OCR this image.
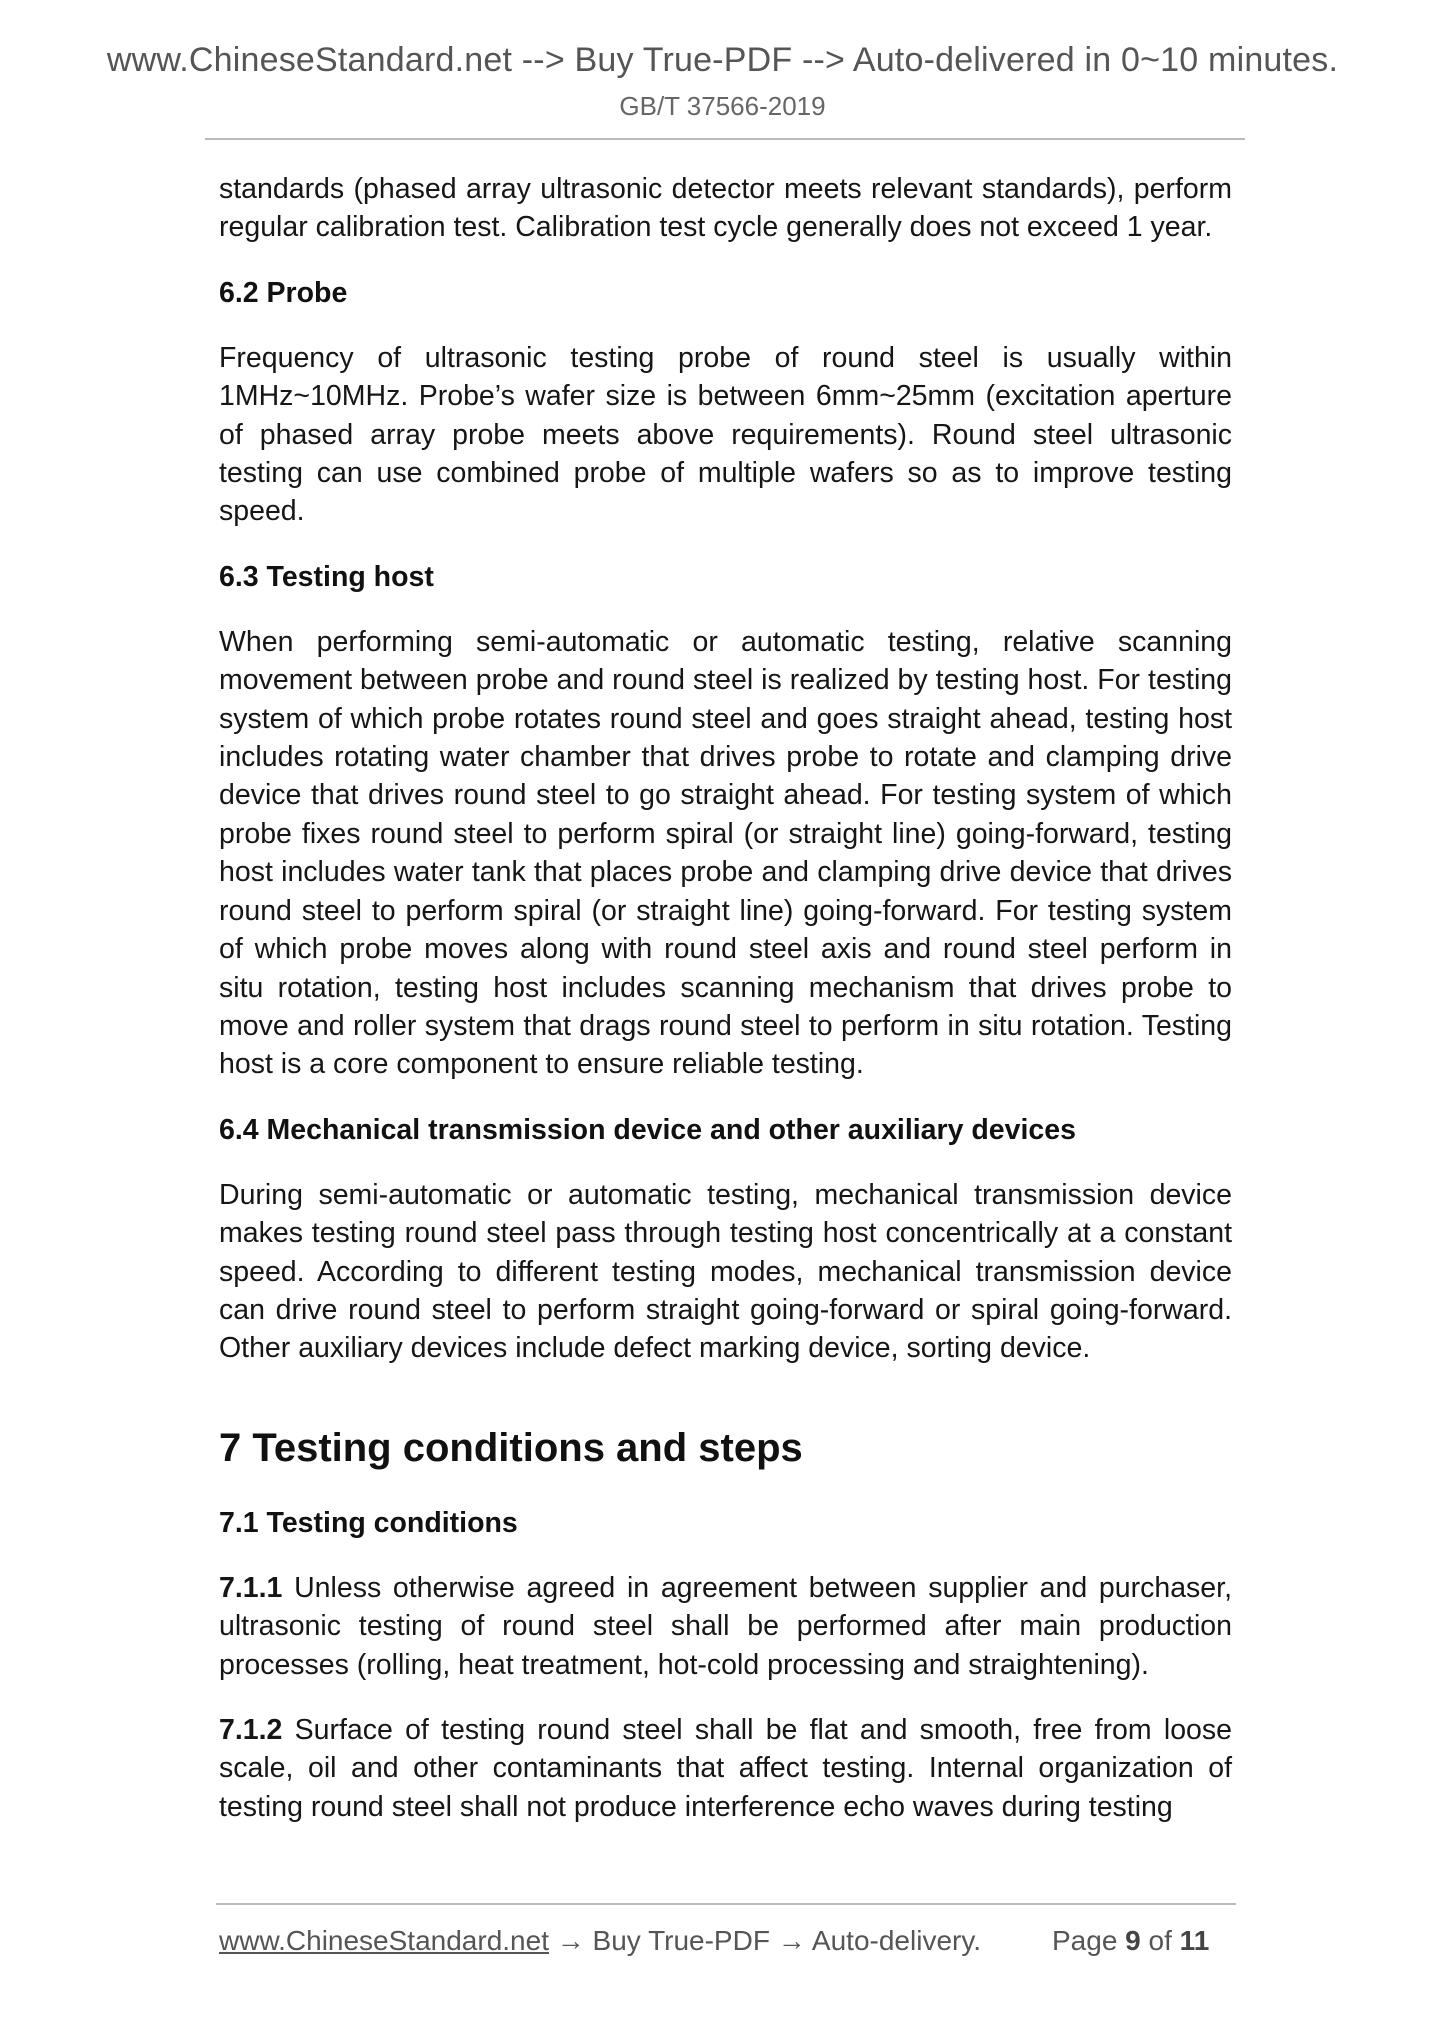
www.ChineseStandard.net --> Buy True-PDF --> Auto-delivered in 0~10 minutes.
GB/T 37566-2019

standards (phased array ultrasonic detector meets relevant standards), perform regular calibration test. Calibration test cycle generally does not exceed 1 year.

6.2 Probe

Frequency of ultrasonic testing probe of round steel is usually within 1MHz~10MHz. Probe’s wafer size is between 6mm~25mm (excitation aperture of phased array probe meets above requirements). Round steel ultrasonic testing can use combined probe of multiple wafers so as to improve testing speed.

6.3 Testing host

When performing semi-automatic or automatic testing, relative scanning movement between probe and round steel is realized by testing host. For testing system of which probe rotates round steel and goes straight ahead, testing host includes rotating water chamber that drives probe to rotate and clamping drive device that drives round steel to go straight ahead. For testing system of which probe fixes round steel to perform spiral (or straight line) going-forward, testing host includes water tank that places probe and clamping drive device that drives round steel to perform spiral (or straight line) going-forward. For testing system of which probe moves along with round steel axis and round steel perform in situ rotation, testing host includes scanning mechanism that drives probe to move and roller system that drags round steel to perform in situ rotation. Testing host is a core component to ensure reliable testing.

6.4 Mechanical transmission device and other auxiliary devices

During semi-automatic or automatic testing, mechanical transmission device makes testing round steel pass through testing host concentrically at a constant speed. According to different testing modes, mechanical transmission device can drive round steel to perform straight going-forward or spiral going-forward. Other auxiliary devices include defect marking device, sorting device.

7 Testing conditions and steps
7.1 Testing conditions

7.1.1 Unless otherwise agreed in agreement between supplier and purchaser, ultrasonic testing of round steel shall be performed after main production processes (rolling, heat treatment, hot-cold processing and straightening).

7.1.2 Surface of testing round steel shall be flat and smooth, free from loose scale, oil and other contaminants that affect testing. Internal organization of testing round steel shall not produce interference echo waves during testing

www.ChineseStandard.net → Buy True-PDF → Auto-delivery.	Page 9 of 11
